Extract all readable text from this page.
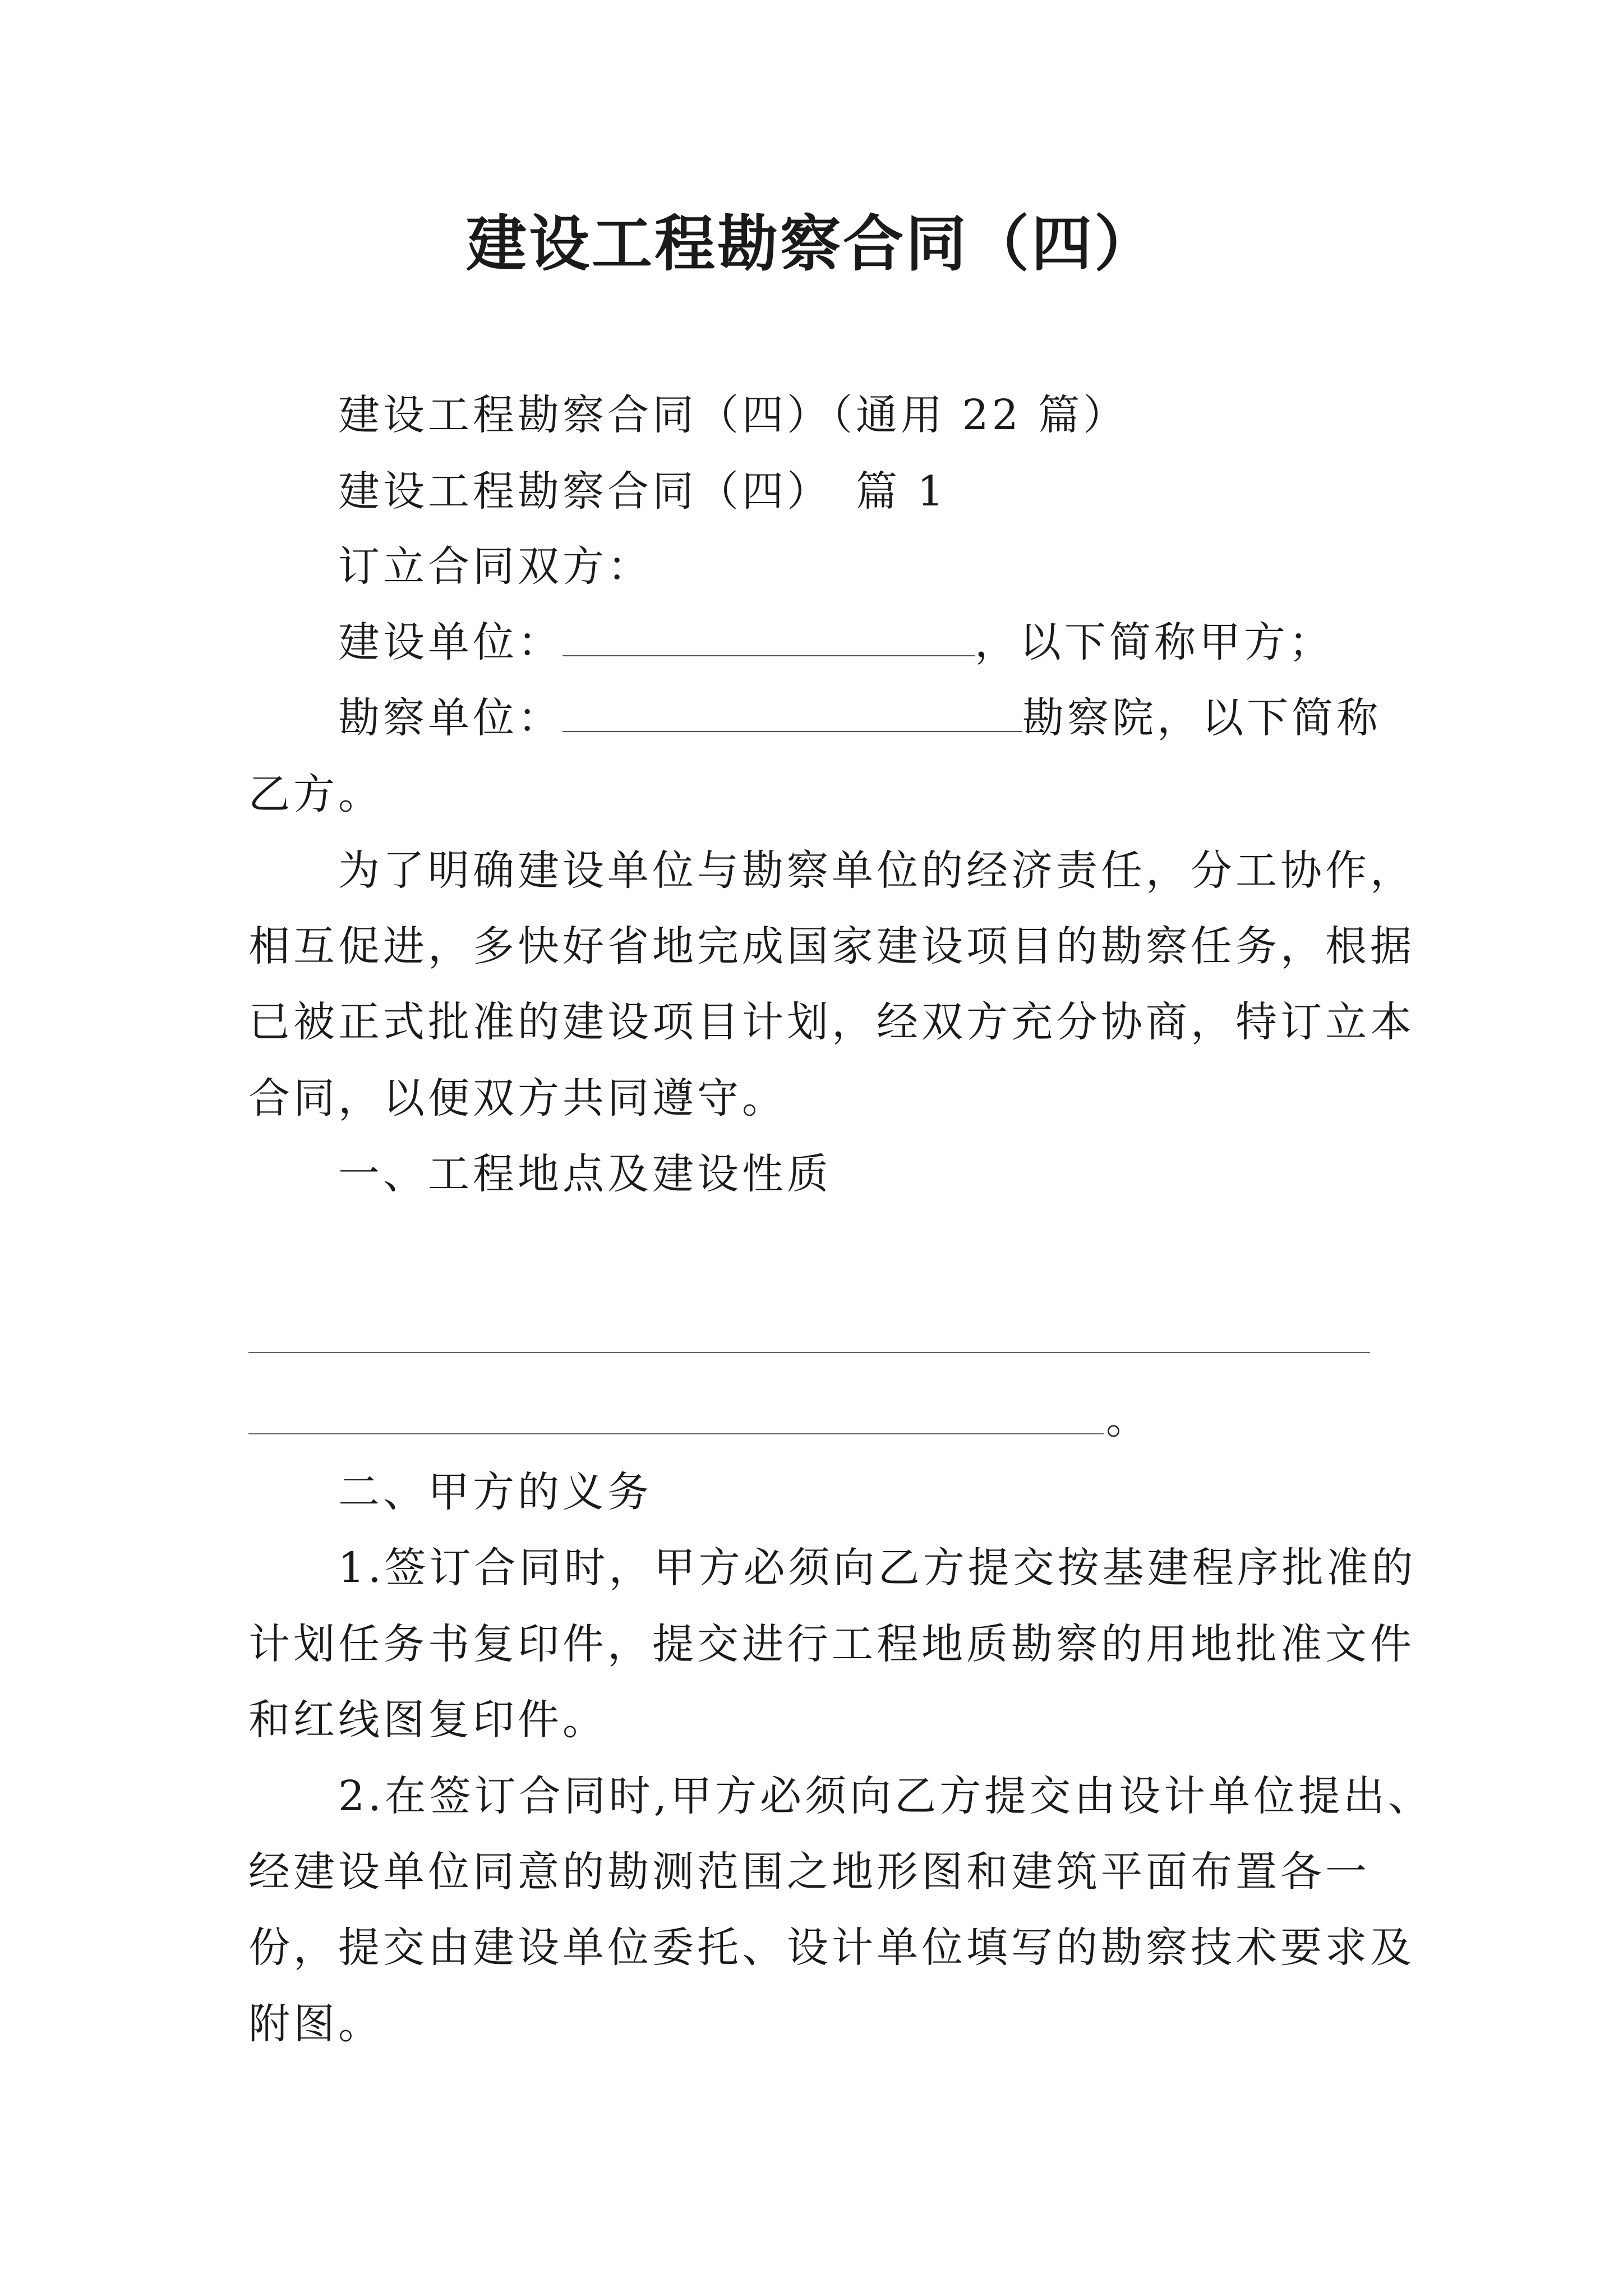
建设工程勘察合同（四）
建设工程勘察合同（四）（通用 22 篇）
建设工程勘察合同（四）　篇 1
订立合同双方：
建设单位：	，以下简称甲方；
勘察单位：	勘察院，以下简称
乙方。
为了明确建设单位与勘察单位的经济责任，分工协作，
相互促进，多快好省地完成国家建设项目的勘察任务，根据
已被正式批准的建设项目计划，经双方充分协商，特订立本
合同，以便双方共同遵守。
一、工程地点及建设性质
。
二、甲方的义务
1.签订合同时，甲方必须向乙方提交按基建程序批准的
计划任务书复印件，提交进行工程地质勘察的用地批准文件
和红线图复印件。
2.在签订合同时,甲方必须向乙方提交由设计单位提出、
经建设单位同意的勘测范围之地形图和建筑平面布置各一
份，提交由建设单位委托、设计单位填写的勘察技术要求及
附图。
